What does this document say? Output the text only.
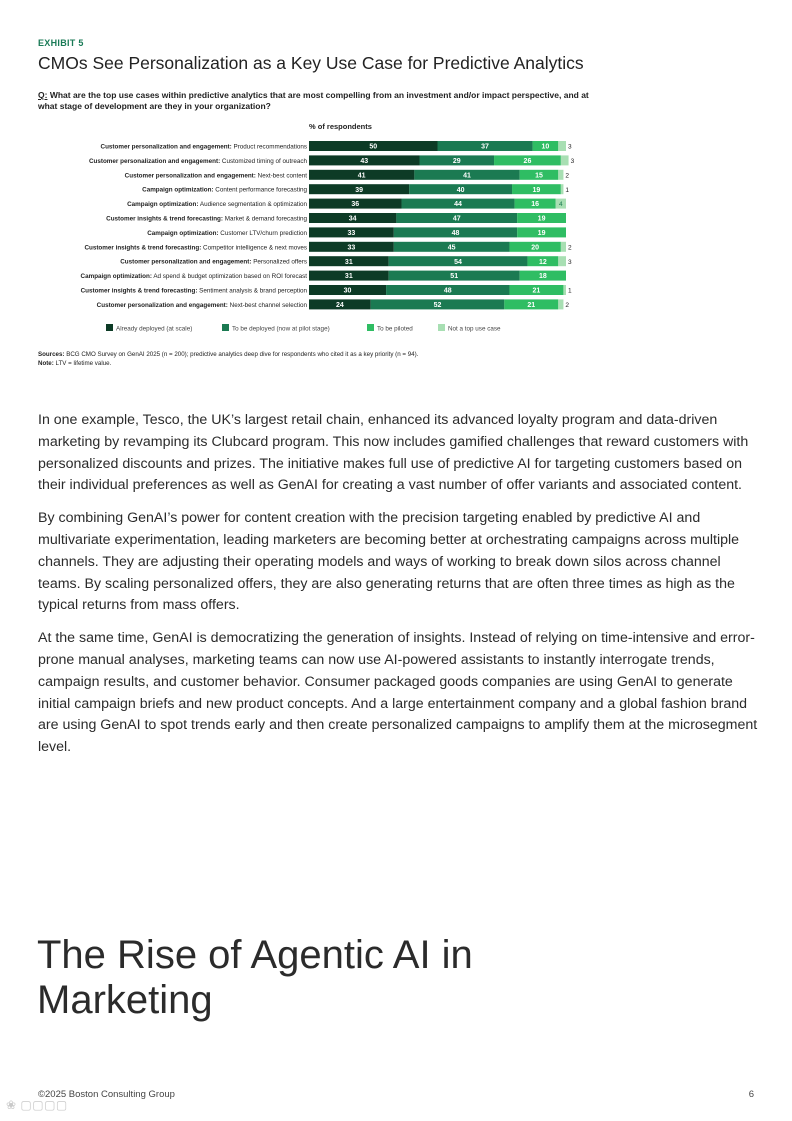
EXHIBIT 5
CMOs See Personalization as a Key Use Case for Predictive Analytics
Q: What are the top use cases within predictive analytics that are most compelling from an investment and/or impact perspective, and at what stage of development are they in your organization?
% of respondents
Customer personalization and engagement: Product recommendations	50	37	10	3
Customer personalization and engagement: Customized timing of outreach	43	29	26	3
Customer personalization and engagement: Next-best content	41	41	15	2
Campaign optimization: Content performance forecasting	39	40	19	1
Campaign optimization: Audience segmentation & optimization	36	44	16	4
Customer insights & trend forecasting: Market & demand forecasting	34	47	19
Campaign optimization: Customer LTV/churn prediction	33	48	19
Customer insights & trend forecasting: Competitor intelligence & next moves	33	45	20	2
Customer personalization and engagement: Personalized offers	31	54	12	3
Campaign optimization: Ad spend & budget optimization based on ROI forecast	31	51	18
Customer insights & trend forecasting: Sentiment analysis & brand perception	30	48	21	1
Customer personalization and engagement: Next-best channel selection	24	52	21	2
Already deployed (at scale)	To be deployed (now at pilot stage)	To be piloted	Not a top use case
Sources: BCG CMO Survey on GenAI 2025 (n = 200); predictive analytics deep dive for respondents who cited it as a key priority (n = 94).
Note: LTV = lifetime value.

In one example, Tesco, the UK’s largest retail chain, enhanced its advanced loyalty program and data-driven marketing by revamping its Clubcard program. This now includes gamified challenges that reward customers with personalized discounts and prizes. The initiative makes full use of predictive AI for targeting customers based on their individual preferences as well as GenAI for creating a vast number of offer variants and associated content.

By combining GenAI’s power for content creation with the precision targeting enabled by predictive AI and multivariate experimentation, leading marketers are becoming better at orchestrating campaigns across multiple channels. They are adjusting their operating models and ways of working to break down silos across channel teams. By scaling personalized offers, they are also generating returns that are often three times as high as the typical returns from mass offers.

At the same time, GenAI is democratizing the generation of insights. Instead of relying on time-intensive and error-prone manual analyses, marketing teams can now use AI-powered assistants to instantly interrogate trends, campaign results, and customer behavior. Consumer packaged goods companies are using GenAI to generate initial campaign briefs and new product concepts. And a large entertainment company and a global fashion brand are using GenAI to spot trends early and then create personalized campaigns to amplify them at the microsegment level.

The Rise of Agentic AI in Marketing
❀ ▢▢▢▢
©2025 Boston Consulting Group	6
